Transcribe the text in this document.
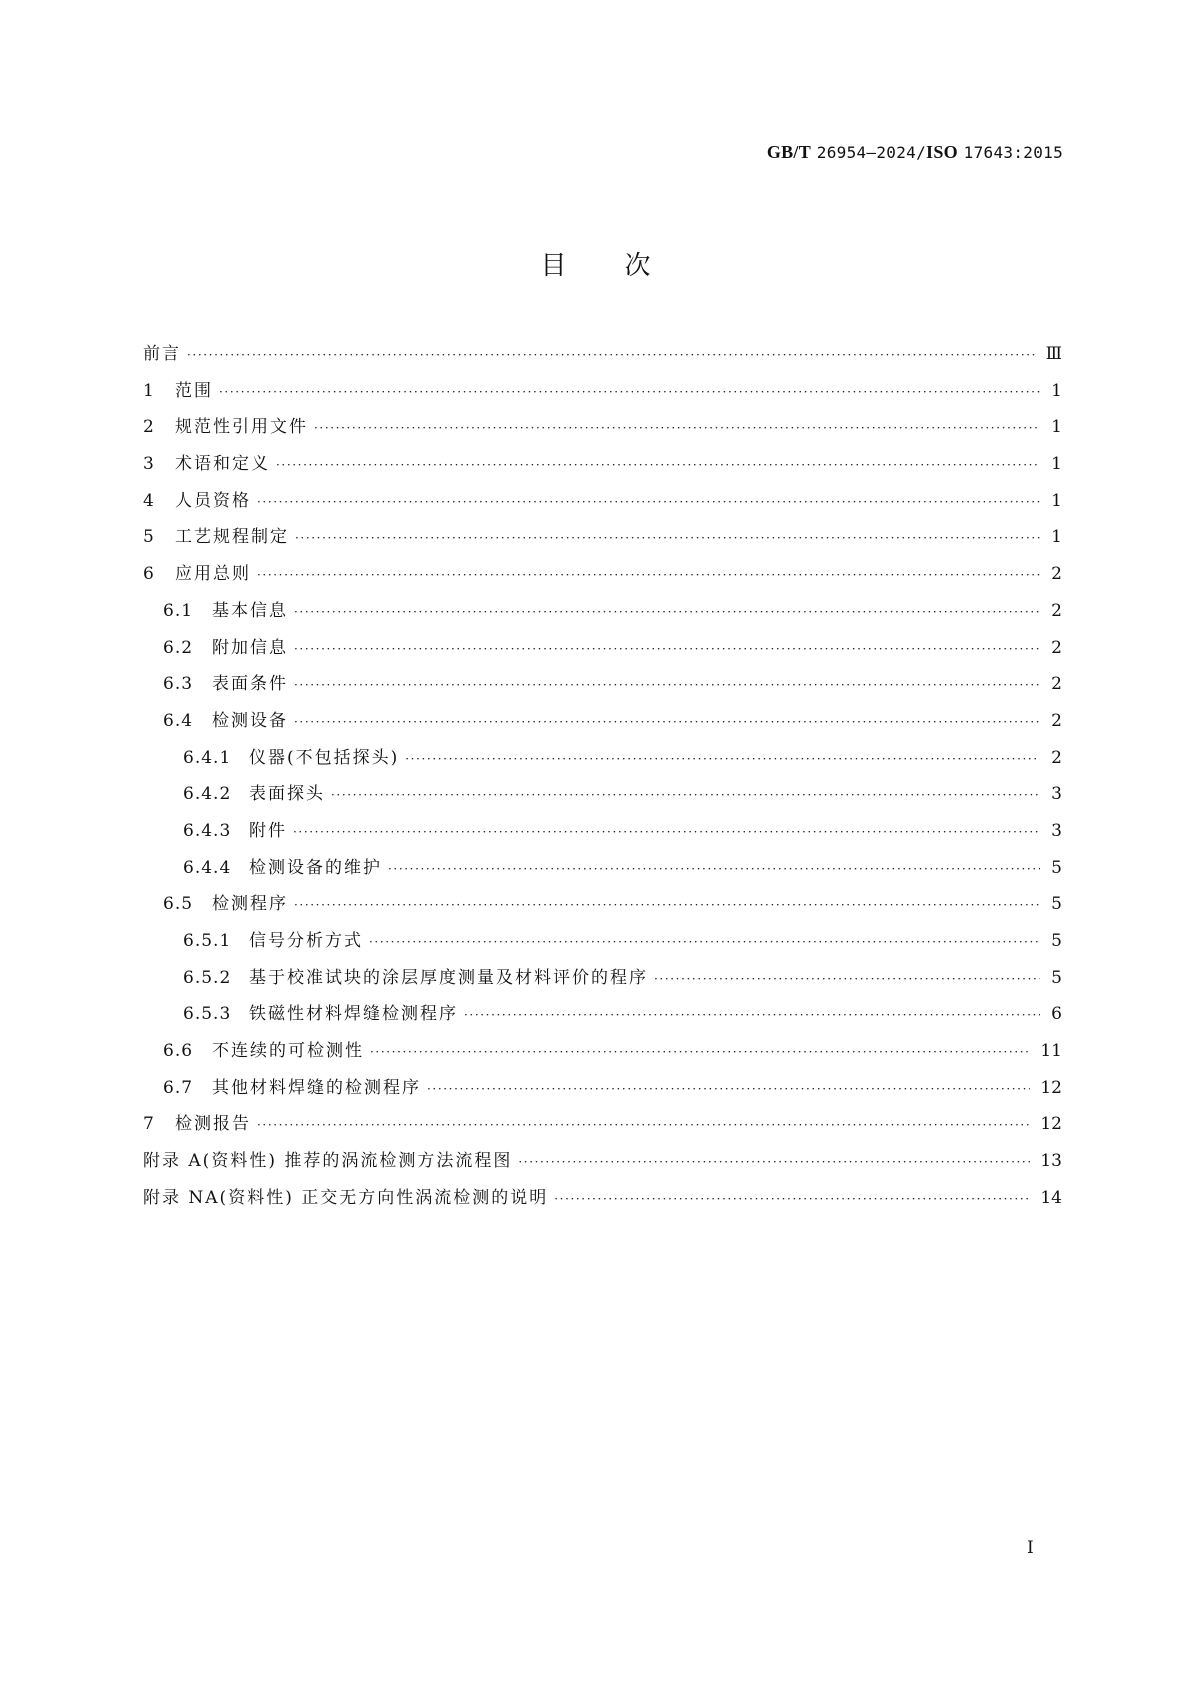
GB/T 26954—2024/ISO 17643:2015
目 次
前言 ·····	Ⅲ
1	范围 ·····	1
2	规范性引用文件 ·····	1
3	术语和定义 ·····	1
4	人员资格 ·····	1
5	工艺规程制定 ·····	1
6	应用总则 ·····	2
6.1	基本信息 ·····	2
6.2	附加信息 ·····	2
6.3	表面条件 ·····	2
6.4	检测设备 ·····	2
6.4.1	仪器(不包括探头) ·····	2
6.4.2	表面探头 ·····	3
6.4.3	附件 ·····	3
6.4.4	检测设备的维护 ·····	5
6.5	检测程序 ·····	5
6.5.1	信号分析方式 ·····	5
6.5.2	基于校准试块的涂层厚度测量及材料评价的程序 ·····	5
6.5.3	铁磁性材料焊缝检测程序 ·····	6
6.6	不连续的可检测性 ·····	11
6.7	其他材料焊缝的检测程序 ·····	12
7	检测报告 ·····	12
附录 A(资料性) 推荐的涡流检测方法流程图 ·····	13
附录 NA(资料性) 正交无方向性涡流检测的说明 ·····	14
I
